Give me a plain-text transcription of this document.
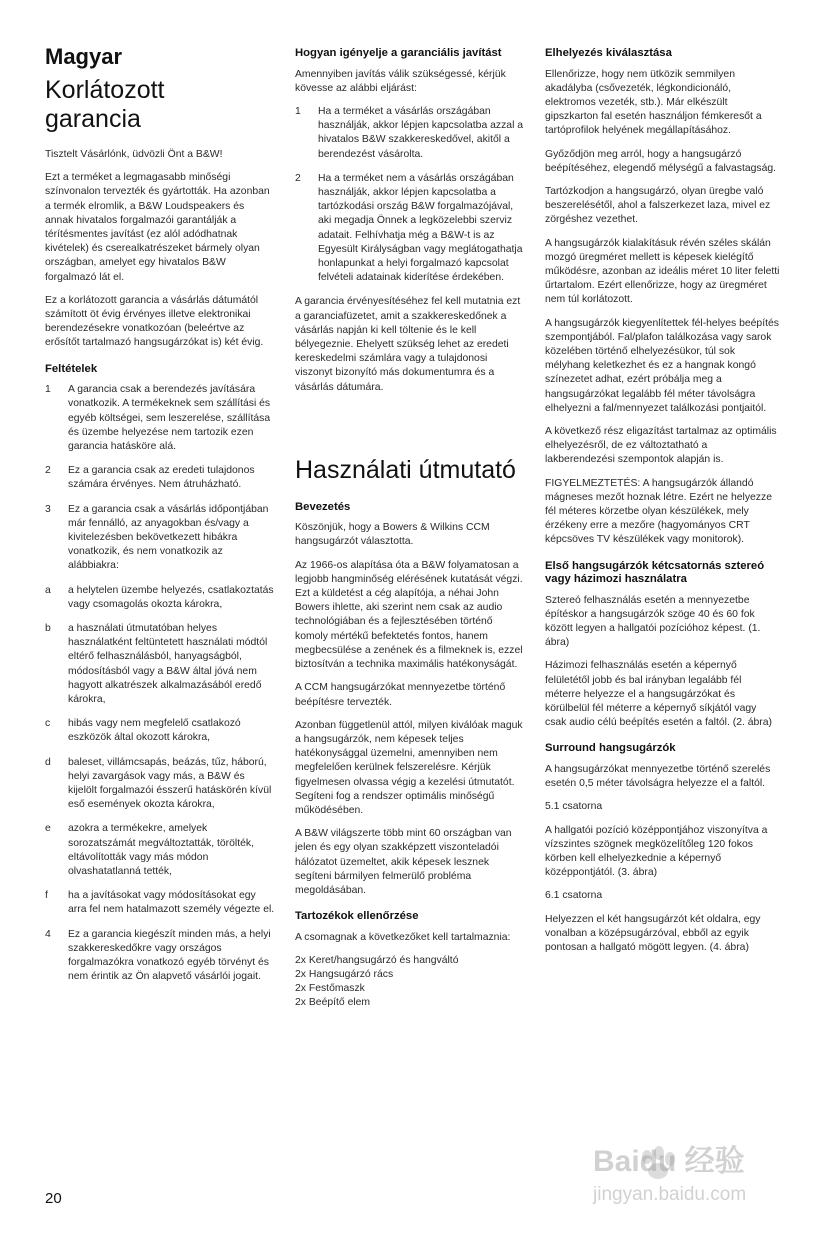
Magyar
Korlátozott
garancia

Tisztelt Vásárlónk, üdvözli Önt a B&W!

Ezt a terméket a legmagasabb minőségi színvonalon tervezték és gyártották. Ha azonban a termék elromlik, a B&W Loudspeakers és annak hivatalos forgalmazói garantálják a térítésmentes javítást (ez alól adódhatnak kivételek) és cserealkatrészeket bármely olyan országban, amelyet egy hivatalos B&W forgalmazó lát el.

Ez a korlátozott garancia a vásárlás dátumától számított öt évig érvényes illetve elektronikai berendezésekre vonatkozóan (beleértve az erősítőt tartalmazó hangsugárzókat is) két évig.

Feltételek
1	A garancia csak a berendezés javítására vonatkozik. A termékeknek sem szállítási és egyéb költségei, sem leszerelése, szállítása és üzembe helyezése nem tartozik ezen garancia hatásköre alá.
2	Ez a garancia csak az eredeti tulajdonos számára érvényes. Nem átruházható.
3	Ez a garancia csak a vásárlás időpontjában már fennálló, az anyagokban és/vagy a kivitelezésben bekövetkezett hibákra vonatkozik, és nem vonatkozik az alábbiakra:
a	a helytelen üzembe helyezés, csatlakoztatás vagy csomagolás okozta károkra,
b	a használati útmutatóban helyes használatként feltüntetett használati módtól eltérő felhasználásból, hanyagságból, módosításból vagy a B&W által jóvá nem hagyott alkatrészek alkalmazásából eredő károkra,
c	hibás vagy nem megfelelő csatlakozó eszközök által okozott károkra,
d	baleset, villámcsapás, beázás, tűz, háború, helyi zavargások vagy más, a B&W és kijelölt forgalmazói ésszerű hatáskörén kívül eső események okozta károkra,
e	azokra a termékekre, amelyek sorozatszámát megváltoztatták, törölték, eltávolították vagy más módon olvashatatlanná tették,
f	ha a javításokat vagy módosításokat egy arra fel nem hatalmazott személy végezte el.
4	Ez a garancia kiegészít minden más, a helyi szakkereskedőkre vagy országos forgalmazókra vonatkozó egyéb törvényt és nem érintik az Ön alapvető vásárlói jogait.
Hogyan igényelje a garanciális javítást

Amennyiben javítás válik szükségessé, kérjük kövesse az alábbi eljárást:

1	Ha a terméket a vásárlás országában használják, akkor lépjen kapcsolatba azzal a hivatalos B&W szakkereskedővel, akitől a berendezést vásárolta.
2	Ha a terméket nem a vásárlás országában használják, akkor lépjen kapcsolatba a tartózkodási ország B&W forgalmazójával, aki megadja Önnek a legközelebbi szerviz adatait. Felhívhatja még a B&W-t is az Egyesült Királyságban vagy meglátogathatja honlapunkat a helyi forgalmazó kapcsolat felvételi adatainak kiderítése érdekében.

A garancia érvényesítéséhez fel kell mutatnia ezt a garanciafüzetet, amit a szakkereskedőnek a vásárlás napján ki kell töltenie és le kell bélyegeznie. Ehelyett szükség lehet az eredeti kereskedelmi számlára vagy a tulajdonosi viszonyt bizonyító más dokumentumra és a vásárlás dátumára.

Használati útmutató
Bevezetés

Köszönjük, hogy a Bowers & Wilkins CCM hangsugárzót választotta.

Az 1966-os alapítása óta a B&W folyamatosan a legjobb hangminőség elérésének kutatását végzi. Ezt a küldetést a cég alapítója, a néhai John Bowers ihlette, aki szerint nem csak az audio technológiában és a fejlesztésében történő komoly mértékű befektetés fontos, hanem megbecsülése a zenének és a filmeknek is, ezzel biztosítván a technika maximális hatékonyságát.

A CCM hangsugárzókat mennyezetbe történő beépítésre tervezték.

Azonban függetlenül attól, milyen kiválóak maguk a hangsugárzók, nem képesek teljes hatékonysággal üzemelni, amennyiben nem megfelelően kerülnek felszerelésre. Kérjük figyelmesen olvassa végig a kezelési útmutatót. Segíteni fog a rendszer optimális minőségű működésében.

A B&W világszerte több mint 60 országban van jelen és egy olyan szakképzett viszonteladói hálózatot üzemeltet, akik képesek lesznek segíteni bármilyen felmerülő probléma megoldásában.

Tartozékok ellenőrzése

A csomagnak a következőket kell tartalmaznia:

2x Keret/hangsugárzó és hangváltó
2x Hangsugárzó rács
2x Festőmaszk
2x Beépítő elem

Elhelyezés kiválasztása

Ellenőrizze, hogy nem ütközik semmilyen akadályba (csővezeték, légkondicionáló, elektromos vezeték, stb.). Már elkészült gipszkarton fal esetén használjon fémkeresőt a tartóprofilok helyének megállapításához.

Győződjön meg arról, hogy a hangsugárzó beépítéséhez, elegendő mélységű a falvastagság.

Tartózkodjon a hangsugárzó, olyan üregbe való beszerelésétől, ahol a falszerkezet laza, mivel ez zörgéshez vezethet.

A hangsugárzók kialakításuk révén széles skálán mozgó üregméret mellett is képesek kielégítő működésre, azonban az ideális méret 10 liter feletti űrtartalom. Ezért ellenőrizze, hogy az üregméret nem túl korlátozott.

A hangsugárzók kiegyenlítettek fél-helyes beépítés szempontjából. Fal/plafon találkozása vagy sarok közelében történő elhelyezésükor, túl sok mélyhang keletkezhet és ez a hangnak kongó színezetet adhat, ezért próbálja meg a hangsugárzókat legalább fél méter távolságra elhelyezni a fal/mennyezet találkozási pontjaitól.

A következő rész eligazítást tartalmaz az optimális elhelyezésről, de ez változtatható a lakberendezési szempontok alapján is.

FIGYELMEZTETÉS: A hangsugárzók állandó mágneses mezőt hoznak létre. Ezért ne helyezze fél méteres körzetbe olyan készülékek, mely érzékeny erre a mezőre (hagyományos CRT képcsöves TV készülékek vagy monitorok).

Első hangsugárzók kétcsatornás sztereó vagy házimozi használatra

Sztereó felhasználás esetén a mennyezetbe építéskor a hangsugárzók szöge 40 és 60 fok között legyen a hallgatói pozícióhoz képest. (1. ábra)

Házimozi felhasználás esetén a képernyő felületétől jobb és bal irányban legalább fél méterre helyezze el a hangsugárzókat és körülbelül fél méterre a képernyő síkjától vagy csak audio célú beépítés esetén a faltól. (2. ábra)

Surround hangsugárzók

A hangsugárzókat mennyezetbe történő szerelés esetén 0,5 méter távolságra helyezze el a faltól.

5.1 csatorna

A hallgatói pozíció középpontjához viszonyítva a vízszintes szögnek megközelítőleg 120 fokos körben kell elhelyezkednie a képernyő középpontjától. (3. ábra)

6.1 csatorna

Helyezzen el két hangsugárzót két oldalra, egy vonalban a középsugárzóval, ebből az egyik pontosan a hallgató mögött legyen. (4. ábra)

20
Baidu 经验
jingyan.baidu.com
